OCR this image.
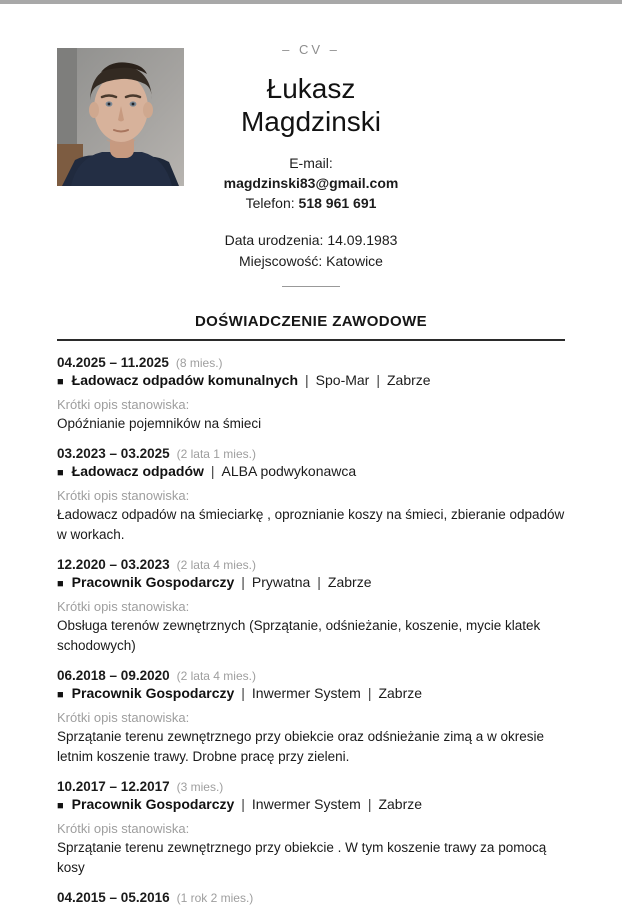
– CV –
Łukasz
Magdzinski
E-mail:
magdzinski83@gmail.com
Telefon: 518 961 691
Data urodzenia: 14.09.1983
Miejscowość: Katowice
DOŚWIADCZENIE ZAWODOWE
04.2025 – 11.2025 (8 mies.)
■ Ładowacz odpadów komunalnych | Spo-Mar | Zabrze
Krótki opis stanowiska:
Opóźnianie pojemników na śmieci
03.2023 – 03.2025 (2 lata 1 mies.)
■ Ładowacz odpadów | ALBA podwykonawca
Krótki opis stanowiska:
Ładowacz odpadów na śmieciarkę , oproznianie koszy na śmieci, zbieranie odpadów w workach.
12.2020 – 03.2023 (2 lata 4 mies.)
■ Pracownik Gospodarczy | Prywatna | Zabrze
Krótki opis stanowiska:
Obsługa terenów zewnętrznych (Sprzątanie, odśnieżanie, koszenie, mycie klatek schodowych)
06.2018 – 09.2020 (2 lata 4 mies.)
■ Pracownik Gospodarczy | Inwermer System | Zabrze
Krótki opis stanowiska:
Sprzątanie terenu zewnętrznego przy obiekcie oraz odśnieżanie zimą a w okresie letnim koszenie trawy. Drobne pracę przy zieleni.
10.2017 – 12.2017 (3 mies.)
■ Pracownik Gospodarczy | Inwermer System | Zabrze
Krótki opis stanowiska:
Sprzątanie terenu zewnętrznego przy obiekcie . W tym koszenie trawy za pomocą kosy
04.2015 – 05.2016 (1 rok 2 mies.)
